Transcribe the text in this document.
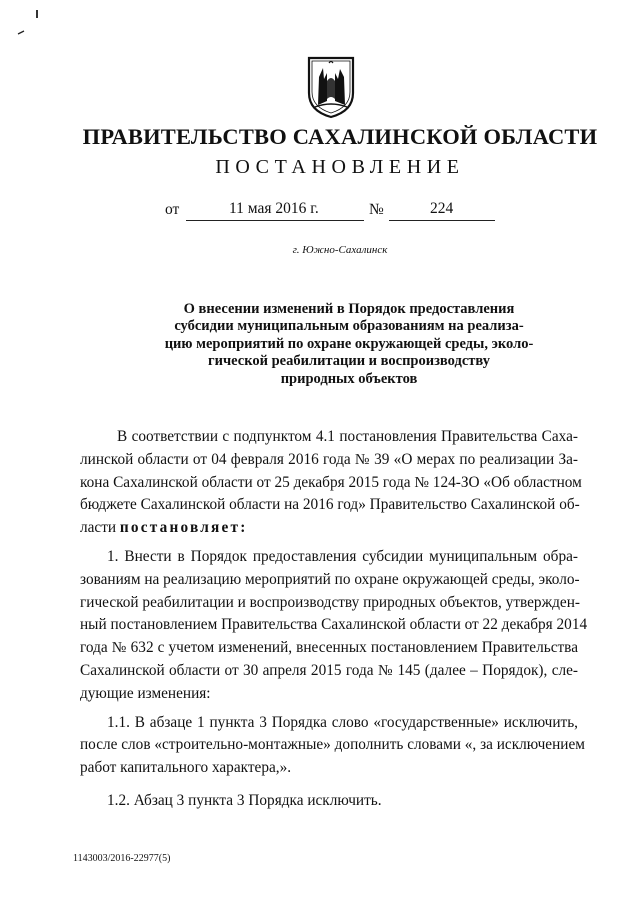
ПРАВИТЕЛЬСТВО САХАЛИНСКОЙ ОБЛАСТИ
ПОСТАНОВЛЕНИЕ
от	11 мая 2016 г.	№	224
г. Южно-Сахалинск
О внесении изменений в Порядок предоставления
субсидии муниципальным образованиям на реализа-
цию мероприятий по охране окружающей среды, эколо-
гической реабилитации и воспроизводству
природных объектов
В соответствии с подпунктом 4.1 постановления Правительства Саха-
линской области от 04 февраля 2016 года № 39 «О мерах по реализации За-
кона Сахалинской области от 25 декабря 2015 года № 124-ЗО «Об областном
бюджете Сахалинской области на 2016 год» Правительство Сахалинской об-
ласти постановляет:
1. Внести в Порядок предоставления субсидии муниципальным обра-
зованиям на реализацию мероприятий по охране окружающей среды, эколо-
гической реабилитации и воспроизводству природных объектов, утвержден-
ный постановлением Правительства Сахалинской области от 22 декабря 2014
года № 632 с учетом изменений, внесенных постановлением Правительства
Сахалинской области от 30 апреля 2015 года № 145 (далее – Порядок), сле-
дующие изменения:
1.1. В абзаце 1 пункта 3 Порядка слово «государственные» исключить,
после слов «строительно-монтажные» дополнить словами «, за исключением
работ капитального характера,».
1.2. Абзац 3 пункта 3 Порядка исключить.
1143003/2016-22977(5)
